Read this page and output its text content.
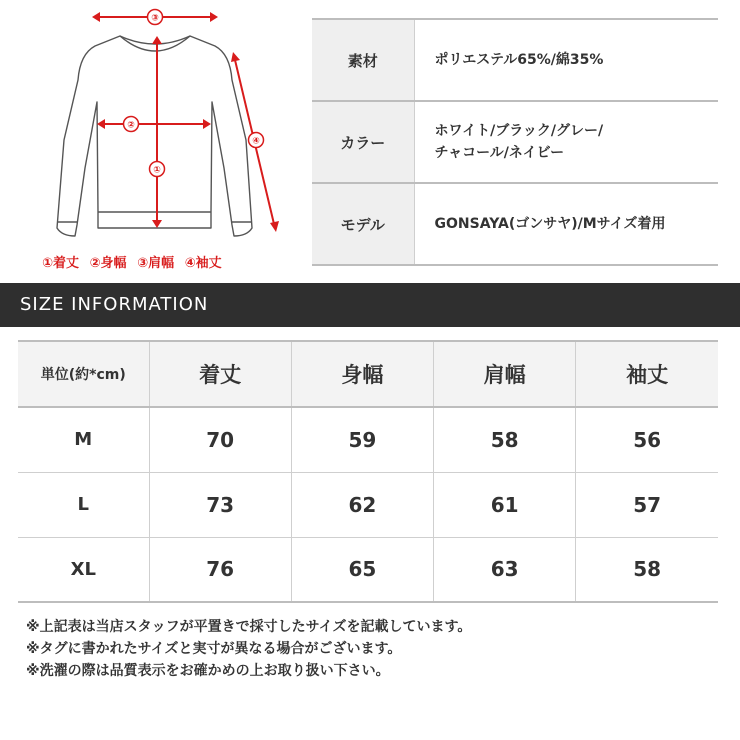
③
②
①
④
①着丈 ②身幅 ③肩幅 ④袖丈
素材	ポリエステル65%/綿35%
カラー	ホワイト/ブラック/グレー/
チャコール/ネイビー

モデル	GONSAYA(ゴンサヤ)/Mサイズ着用
SIZE INFORMATION
単位(約*cm)	着丈	身幅	肩幅	袖丈
M	70	59	58	56
L	73	62	61	57
XL	76	65	63	58
※上記表は当店スタッフが平置きで採寸したサイズを記載しています。
※タグに書かれたサイズと実寸が異なる場合がございます。
※洗濯の際は品質表示をお確かめの上お取り扱い下さい。
